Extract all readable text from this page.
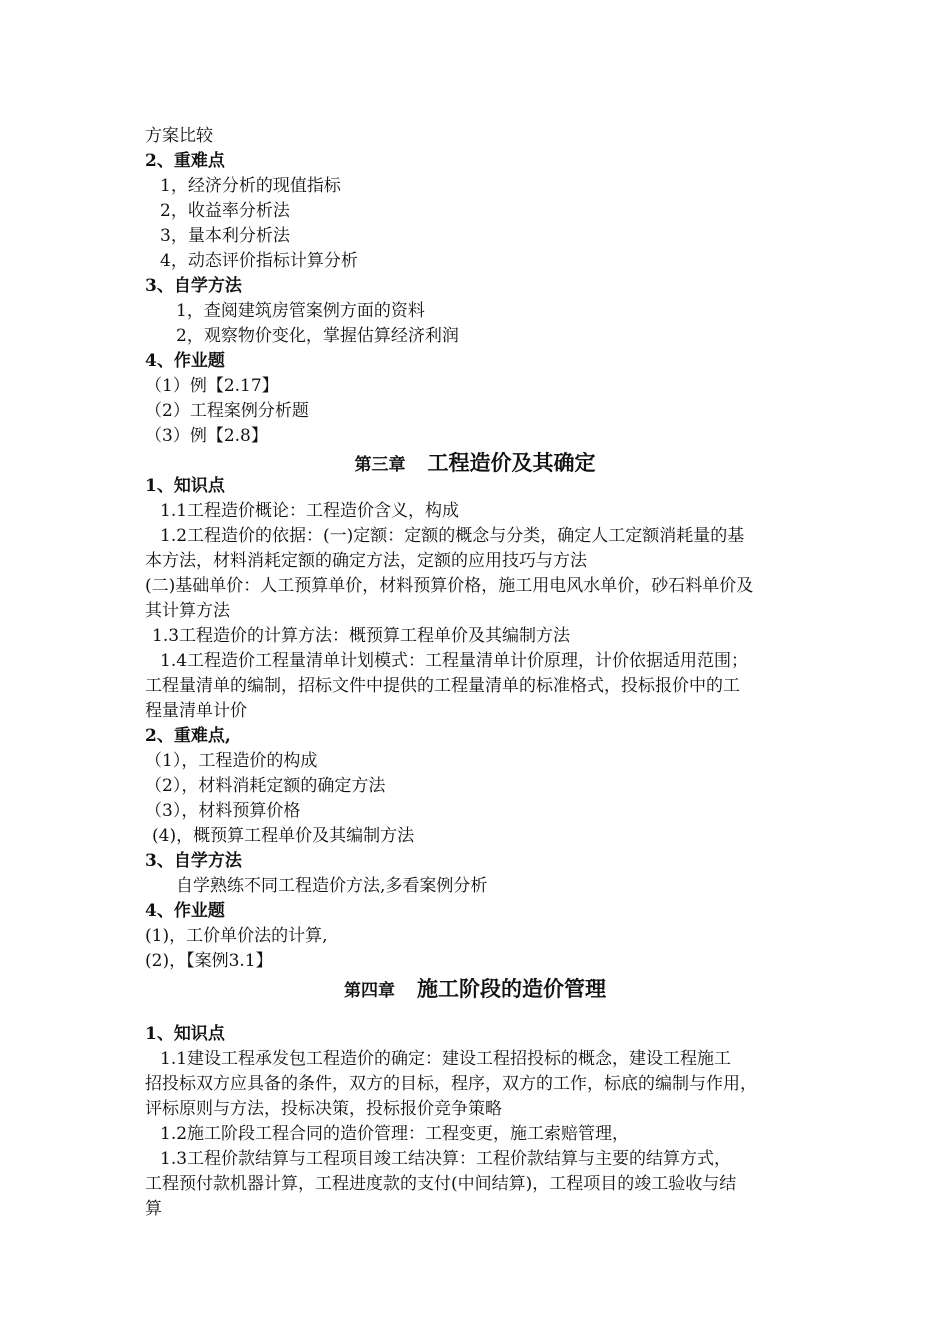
方案比较
2、重难点
1，经济分析的现值指标
2，收益率分析法
3，量本利分析法
4，动态评价指标计算分析
3、自学方法
1，查阅建筑房管案例方面的资料
2，观察物价变化，掌握估算经济利润
4、作业题
（1）例【2.17】
（2）工程案例分析题
（3）例【2.8】
第三章 工程造价及其确定
1、知识点
1.1工程造价概论：工程造价含义，构成
1.2工程造价的依据：(一)定额：定额的概念与分类，确定人工定额消耗量的基
本方法，材料消耗定额的确定方法，定额的应用技巧与方法
(二)基础单价：人工预算单价，材料预算价格，施工用电风水单价，砂石料单价及
其计算方法
1.3工程造价的计算方法：概预算工程单价及其编制方法
1.4工程造价工程量清单计划模式：工程量清单计价原理，计价依据适用范围；
工程量清单的编制，招标文件中提供的工程量清单的标准格式，投标报价中的工
程量清单计价
2、重难点,
（1），工程造价的构成
（2），材料消耗定额的确定方法
（3），材料预算价格
(4)，概预算工程单价及其编制方法
3、自学方法
自学熟练不同工程造价方法,多看案例分析
4、作业题
(1)，工价单价法的计算,
(2)，【案例3.1】
第四章 施工阶段的造价管理
1、知识点
1.1建设工程承发包工程造价的确定：建设工程招投标的概念，建设工程施工
招投标双方应具备的条件，双方的目标，程序，双方的工作，标底的编制与作用，
评标原则与方法，投标决策，投标报价竞争策略
1.2施工阶段工程合同的造价管理：工程变更，施工索赔管理，
1.3工程价款结算与工程项目竣工结决算：工程价款结算与主要的结算方式，
工程预付款机器计算，工程进度款的支付(中间结算)，工程项目的竣工验收与结
算
